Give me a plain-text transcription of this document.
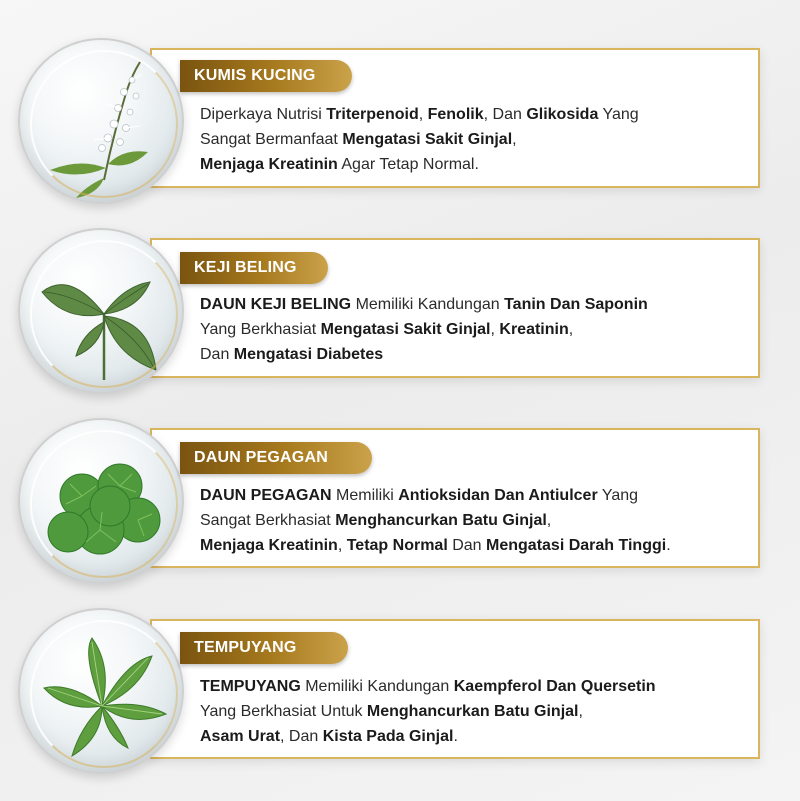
KUMIS KUCING
Diperkaya Nutrisi Triterpenoid, Fenolik, Dan Glikosida Yang
Sangat Bermanfaat Mengatasi Sakit Ginjal,
Menjaga Kreatinin Agar Tetap Normal.
KEJI BELING
DAUN KEJI BELING Memiliki Kandungan Tanin Dan Saponin
Yang Berkhasiat Mengatasi Sakit Ginjal, Kreatinin,
Dan Mengatasi Diabetes
DAUN PEGAGAN
DAUN PEGAGAN Memiliki Antioksidan Dan Antiulcer Yang
Sangat Berkhasiat Menghancurkan Batu Ginjal,
Menjaga Kreatinin, Tetap Normal Dan Mengatasi Darah Tinggi.
TEMPUYANG
TEMPUYANG Memiliki Kandungan Kaempferol Dan Quersetin
Yang Berkhasiat Untuk Menghancurkan Batu Ginjal,
Asam Urat, Dan Kista Pada Ginjal.
